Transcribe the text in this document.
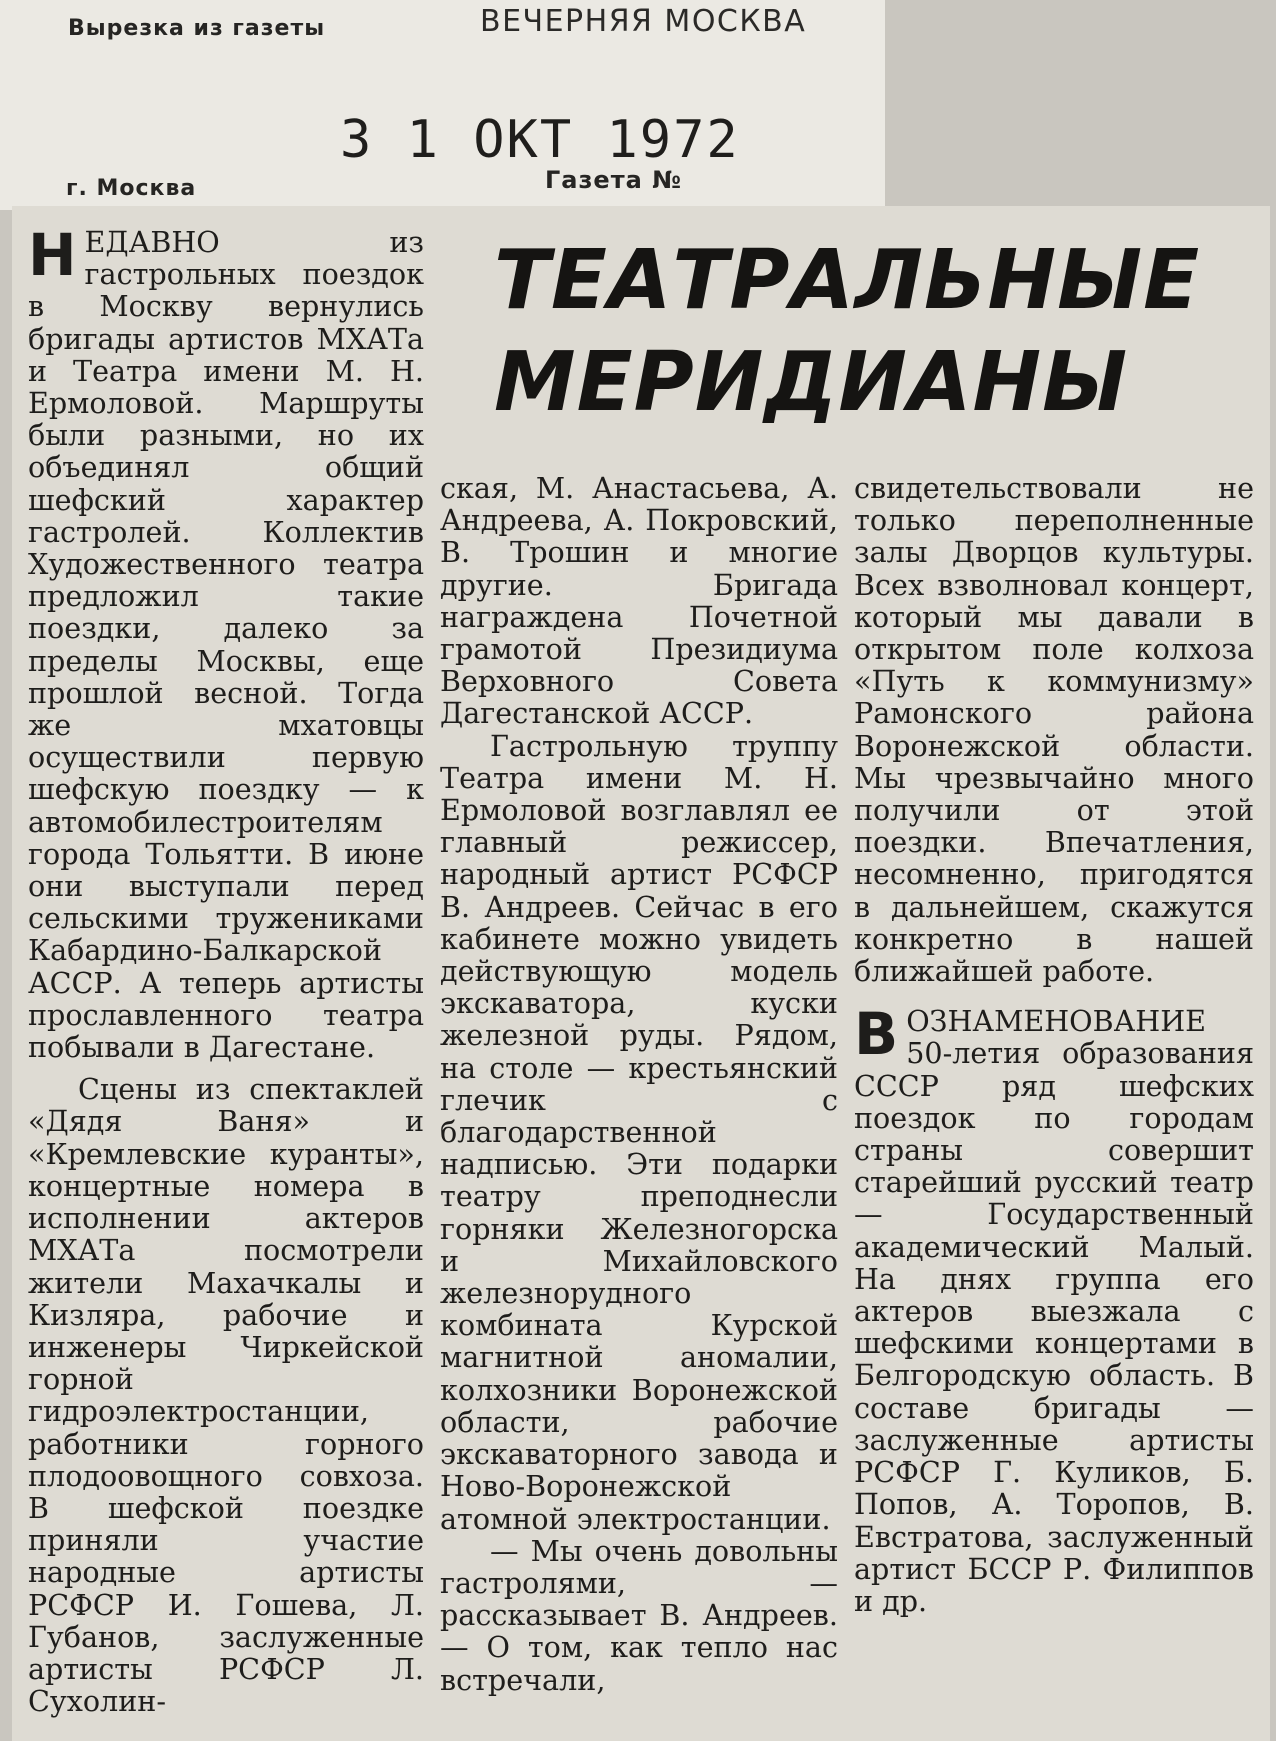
Вырезка из газеты	ВЕЧЕРНЯЯ МОСКВА
3 1 ОКТ 1972
г. Москва	Газета №
ТЕАТРАЛЬНЫЕ МЕРИДИАНЫ

Н ЕДАВНО из гастрольных поездок в Москву вернулись бригады артистов МХАТа и Театра имени М. Н. Ермоловой. Маршруты были разными, но их объединял общий шефский характер гастролей. Коллектив Художественного театра предложил такие поездки, далеко за пределы Москвы, еще прошлой весной. Тогда же мхатовцы осуществили первую шефскую поездку — к автомобилестроителям города Тольятти. В июне они выступали перед сельскими тружениками Кабардино-Балкарской АССР. А теперь артисты прославленного театра побывали в Дагестане.

Сцены из спектаклей «Дядя Ваня» и «Кремлевские куранты», концертные номера в исполнении актеров МХАТа посмотрели жители Махачкалы и Кизляра, рабочие и инженеры Чиркейской горной гидроэлектростанции, работники горного плодоовощного совхоза. В шефской поездке приняли участие народные артисты РСФСР И. Гошева, Л. Губанов, заслуженные артисты РСФСР Л. Сухолин-

ская, М. Анастасьева, А. Андреева, А. Покровский, В. Трошин и многие другие. Бригада награждена Почетной грамотой Президиума Верховного Совета Дагестанской АССР.

Гастрольную труппу Театра имени М. Н. Ермоловой возглавлял ее главный режиссер, народный артист РСФСР В. Андреев. Сейчас в его кабинете можно увидеть действующую модель экскаватора, куски железной руды. Рядом, на столе — крестьянский глечик с благодарственной надписью. Эти подарки театру преподнесли горняки Железногорска и Михайловского железнорудного комбината Курской магнитной аномалии, колхозники Воронежской области, рабочие экскаваторного завода и Ново-Воронежской атомной электростанции.

— Мы очень довольны гастролями, — рассказывает В. Андреев. — О том, как тепло нас встречали,

свидетельствовали не только переполненные залы Дворцов культуры. Всех взволновал концерт, который мы давали в открытом поле колхоза «Путь к коммунизму» Рамонского района Воронежской области. Мы чрезвычайно много получили от этой поездки. Впечатления, несомненно, пригодятся в дальнейшем, скажутся конкретно в нашей ближайшей работе.

В ОЗНАМЕНОВАНИЕ 50-летия образования СССР ряд шефских поездок по городам страны совершит старейший русский театр — Государственный академический Малый. На днях группа его актеров выезжала с шефскими концертами в Белгородскую область. В составе бригады — заслуженные артисты РСФСР Г. Куликов, Б. Попов, А. Торопов, В. Евстратова, заслуженный артист БССР Р. Филиппов и др.
